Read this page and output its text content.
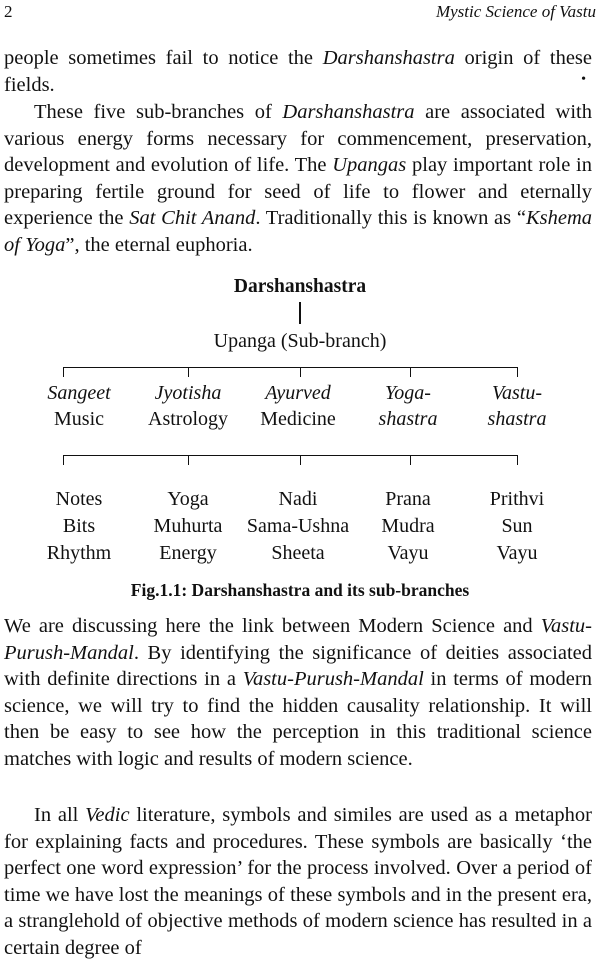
2	Mystic Science of Vastu

people sometimes fail to notice the Darshanshastra origin of these fields.	•

These five sub-branches of Darshanshastra are associated with various energy forms necessary for commencement, preservation, development and evolution of life. The Upangas play important role in preparing fertile ground for seed of life to flower and eternally experience the Sat Chit Anand. Traditionally this is known as “Kshema of Yoga”, the eternal euphoria.

Darshanshastra
Upanga (Sub-branch)
Sangeet
Music
Jyotisha
Astrology
Ayurved
Medicine
Yoga-
shastra
Vastu-
shastra
Notes
Bits
Rhythm
Yoga
Muhurta
Energy
Nadi
Sama-Ushna
Sheeta
Prana
Mudra
Vayu
Prithvi
Sun
Vayu
Fig.1.1: Darshanshastra and its sub-branches

We are discussing here the link between Modern Science and Vastu-Purush-Mandal. By identifying the significance of deities associated with definite directions in a Vastu-Purush-Mandal in terms of modern science, we will try to find the hidden causality relationship. It will then be easy to see how the perception in this traditional science matches with logic and results of modern science.

In all Vedic literature, symbols and similes are used as a metaphor for explaining facts and procedures. These symbols are basically ‘the perfect one word expression’ for the process involved. Over a period of time we have lost the meanings of these symbols and in the present era, a stranglehold of objective methods of modern science has resulted in a certain degree of
